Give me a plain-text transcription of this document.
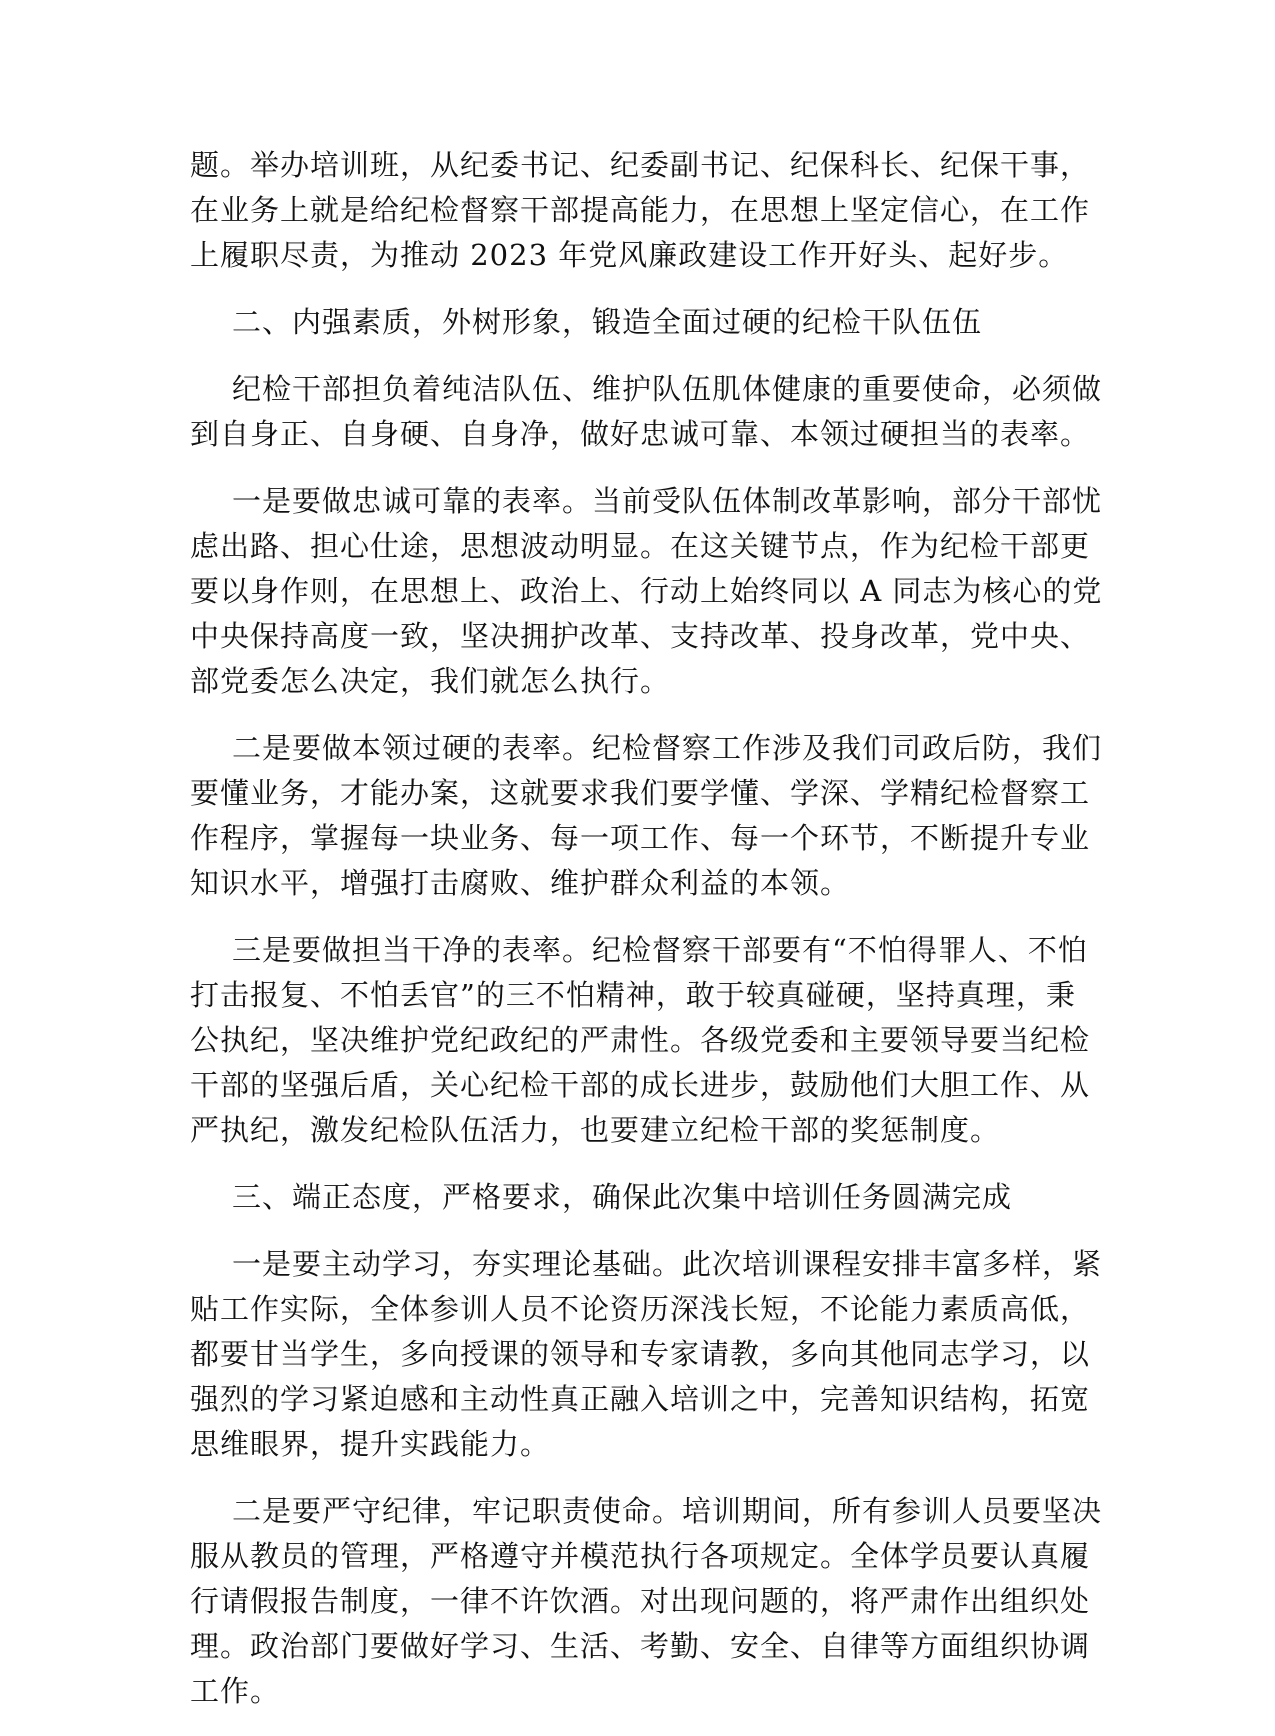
题。举办培训班，从纪委书记、纪委副书记、纪保科长、纪保干事，
在业务上就是给纪检督察干部提高能力，在思想上坚定信心，在工作
上履职尽责，为推动 2023 年党风廉政建设工作开好头、起好步。

二、内强素质，外树形象，锻造全面过硬的纪检干队伍伍

纪检干部担负着纯洁队伍、维护队伍肌体健康的重要使命，必须做
到自身正、自身硬、自身净，做好忠诚可靠、本领过硬担当的表率。

一是要做忠诚可靠的表率。当前受队伍体制改革影响，部分干部忧
虑出路、担心仕途，思想波动明显。在这关键节点，作为纪检干部更
要以身作则，在思想上、政治上、行动上始终同以 A 同志为核心的党
中央保持高度一致，坚决拥护改革、支持改革、投身改革，党中央、
部党委怎么决定，我们就怎么执行。

二是要做本领过硬的表率。纪检督察工作涉及我们司政后防，我们
要懂业务，才能办案，这就要求我们要学懂、学深、学精纪检督察工
作程序，掌握每一块业务、每一项工作、每一个环节，不断提升专业
知识水平，增强打击腐败、维护群众利益的本领。

三是要做担当干净的表率。纪检督察干部要有“不怕得罪人、不怕
打击报复、不怕丢官”的三不怕精神，敢于较真碰硬，坚持真理，秉
公执纪，坚决维护党纪政纪的严肃性。各级党委和主要领导要当纪检
干部的坚强后盾，关心纪检干部的成长进步，鼓励他们大胆工作、从
严执纪，激发纪检队伍活力，也要建立纪检干部的奖惩制度。

三、端正态度，严格要求，确保此次集中培训任务圆满完成

一是要主动学习，夯实理论基础。此次培训课程安排丰富多样，紧
贴工作实际，全体参训人员不论资历深浅长短，不论能力素质高低，
都要甘当学生，多向授课的领导和专家请教，多向其他同志学习，以
强烈的学习紧迫感和主动性真正融入培训之中，完善知识结构，拓宽
思维眼界，提升实践能力。

二是要严守纪律，牢记职责使命。培训期间，所有参训人员要坚决
服从教员的管理，严格遵守并模范执行各项规定。全体学员要认真履
行请假报告制度，一律不许饮酒。对出现问题的，将严肃作出组织处
理。政治部门要做好学习、生活、考勤、安全、自律等方面组织协调
工作。
